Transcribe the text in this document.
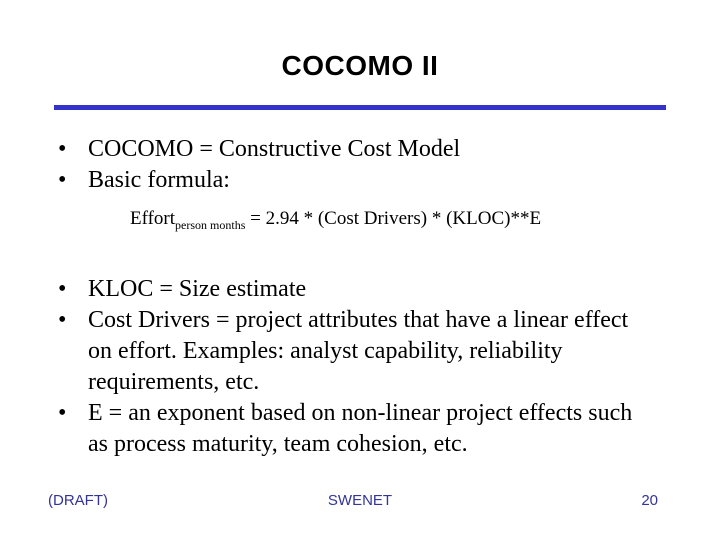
COCOMO II
• COCOMO = Constructive Cost Model
• Basic formula:
Effort$_{person months}$ = 2.94 * (Cost Drivers) * (KLOC)**E
• KLOC = Size estimate
• Cost Drivers = project attributes that have a linear effect on effort. Examples: analyst capability, reliability requirements, etc.
• E = an exponent based on non-linear project effects such as process maturity, team cohesion, etc.
(DRAFT)	SWENET	20
